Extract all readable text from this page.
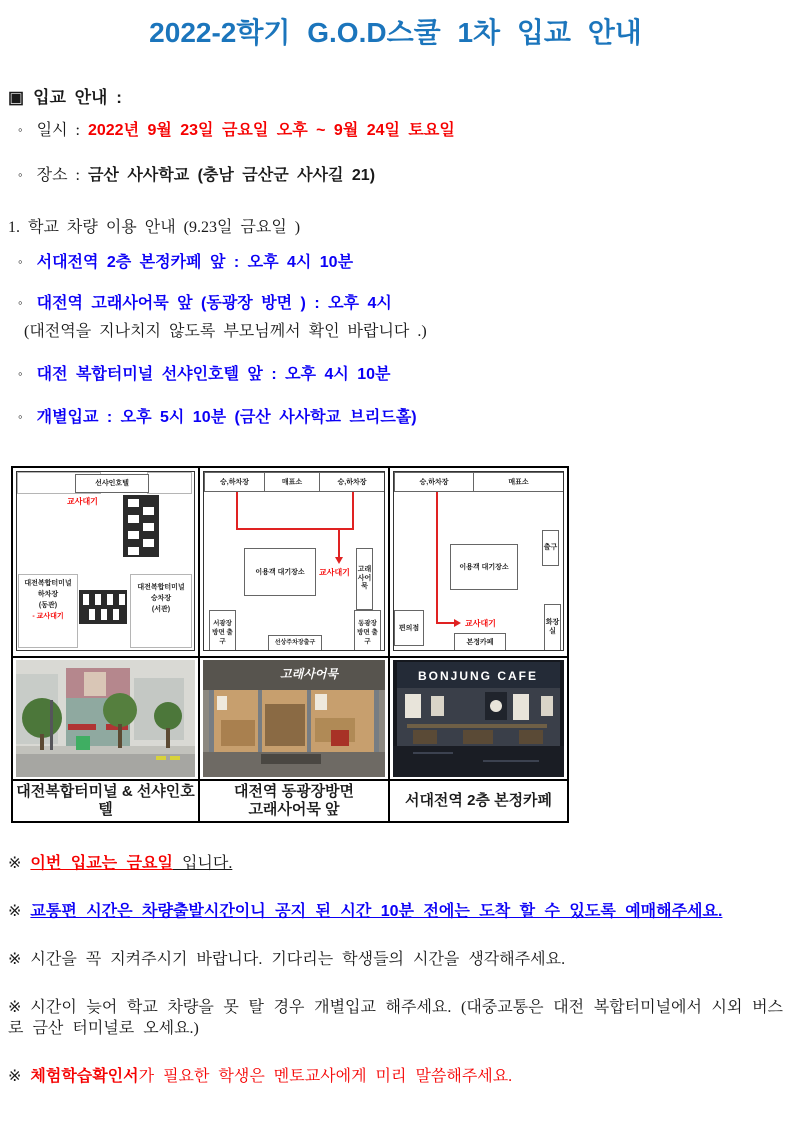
2022-2학기 G.O.D스쿨 1차 입교 안내
▣ 입교 안내 :
◦ 일시 : 2022년 9월 23일 금요일 오후 ~ 9월 24일 토요일
◦ 장소 : 금산 사사학교 (충남 금산군 사사길 21)
1. 학교 차량 이용 안내 (9.23일 금요일 )
◦ 서대전역 2층 본정카페 앞 : 오후 4시 10분
◦ 대전역 고래사어묵 앞 (동광장 방면 ) : 오후 4시
(대전역을 지나치지 않도록 부모님께서 확인 바랍니다 .)
◦ 대전 복합터미널 선샤인호텔 앞 : 오후 4시 10분
◦ 개별입교 : 오후 5시 10분 (금산 사사학교 브리드홀)
선샤인호텔
교사대기
대전복합터미널
하차장
(동관)
- 교사대기
대전복합터미널
승차장
(서관)

승,하차장	매표소	승,하차장
교사대기
이용객 대기장소	고래사어묵
서광장 방면 출구	선상주차장출구
동광장 방면 출구

승,하차장	매표소
교사대기
이용객 대기장소
출구
편의점
본정카페
화장실

고래사어묵	BONJUNG CAFE

대전복합터미널 & 선샤인호텔	대전역 동광장방면
고래사어묵 앞	서대전역 2층 본정카페
※ 이번 입교는 금요일 입니다.
※ 교통편 시간은 차량출발시간이니 공지 된 시간 10분 전에는 도착 할 수 있도록 예매해주세요.
※ 시간을 꼭 지켜주시기 바랍니다. 기다리는 학생들의 시간을 생각해주세요.
※ 시간이 늦어 학교 차량을 못 탈 경우 개별입교 해주세요. (대중교통은 대전 복합터미널에서 시외 버스로 금산 터미널로 오세요.)
※ 체험학습확인서가 필요한 학생은 멘토교사에게 미리 말씀해주세요.
